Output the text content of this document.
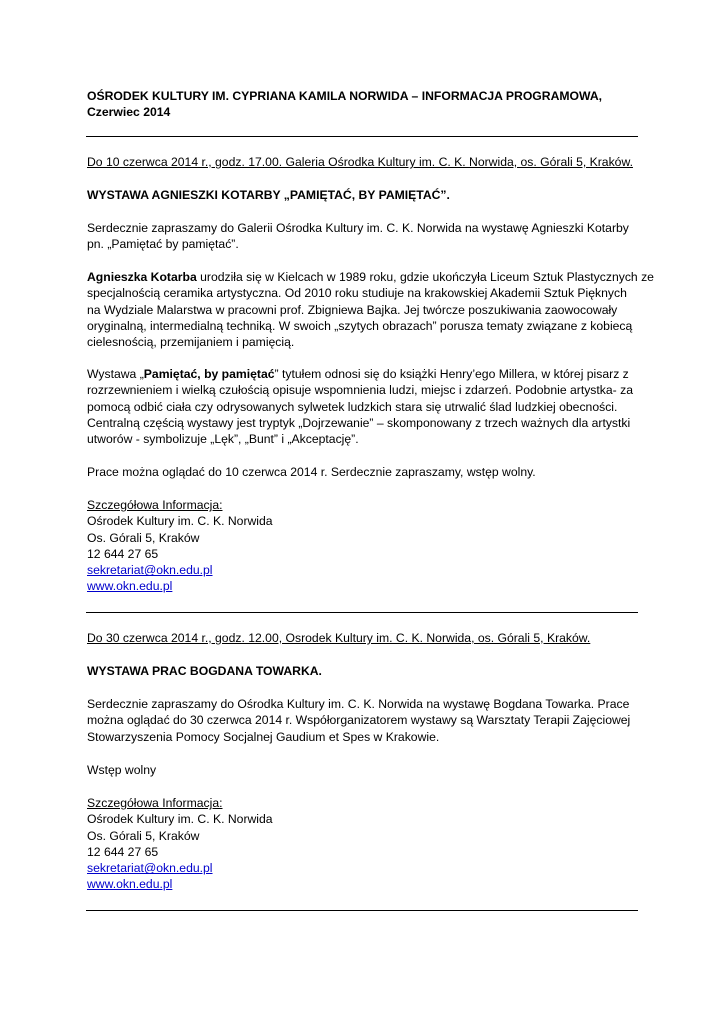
OŚRODEK KULTURY IM. CYPRIANA KAMILA NORWIDA – INFORMACJA PROGRAMOWA,
Czerwiec 2014
Do 10 czerwca 2014 r., godz. 17.00. Galeria Ośrodka Kultury im. C. K. Norwida, os. Górali 5, Kraków.
WYSTAWA AGNIESZKI KOTARBY „PAMIĘTAĆ, BY PAMIĘTAĆ”.
Serdecznie zapraszamy do Galerii Ośrodka Kultury im. C. K. Norwida na wystawę Agnieszki Kotarby
pn. „Pamiętać by pamiętać”.
Agnieszka Kotarba urodziła się w Kielcach w 1989 roku, gdzie ukończyła Liceum Sztuk Plastycznych ze
specjalnością ceramika artystyczna. Od 2010 roku studiuje na krakowskiej Akademii Sztuk Pięknych
na Wydziale Malarstwa w pracowni prof. Zbigniewa Bajka. Jej twórcze poszukiwania zaowocowały
oryginalną, intermedialną techniką. W swoich „szytych obrazach” porusza tematy związane z kobiecą
cielesnością, przemijaniem i pamięcią.
Wystawa „Pamiętać, by pamiętać” tytułem odnosi się do książki Henry’ego Millera, w której pisarz z
rozrzewnieniem i wielką czułością opisuje wspomnienia ludzi, miejsc i zdarzeń. Podobnie artystka- za
pomocą odbić ciała czy odrysowanych sylwetek ludzkich stara się utrwalić ślad ludzkiej obecności.
Centralną częścią wystawy jest tryptyk „Dojrzewanie” – skomponowany z trzech ważnych dla artystki
utworów - symbolizuje „Lęk”, „Bunt” i „Akceptację”.
Prace można oglądać do 10 czerwca 2014 r. Serdecznie zapraszamy, wstęp wolny.
Szczegółowa Informacja:
Ośrodek Kultury im. C. K. Norwida
Os. Górali 5, Kraków
12 644 27 65
sekretariat@okn.edu.pl
www.okn.edu.pl
Do 30 czerwca 2014 r., godz. 12.00, Osrodek Kultury im. C. K. Norwida, os. Górali 5, Kraków.
WYSTAWA PRAC BOGDANA TOWARKA.
Serdecznie zapraszamy do Ośrodka Kultury im. C. K. Norwida na wystawę Bogdana Towarka. Prace
można oglądać do 30 czerwca 2014 r. Współorganizatorem wystawy są Warsztaty Terapii Zajęciowej
Stowarzyszenia Pomocy Socjalnej Gaudium et Spes w Krakowie.
Wstęp wolny
Szczegółowa Informacja:
Ośrodek Kultury im. C. K. Norwida
Os. Górali 5, Kraków
12 644 27 65
sekretariat@okn.edu.pl
www.okn.edu.pl
